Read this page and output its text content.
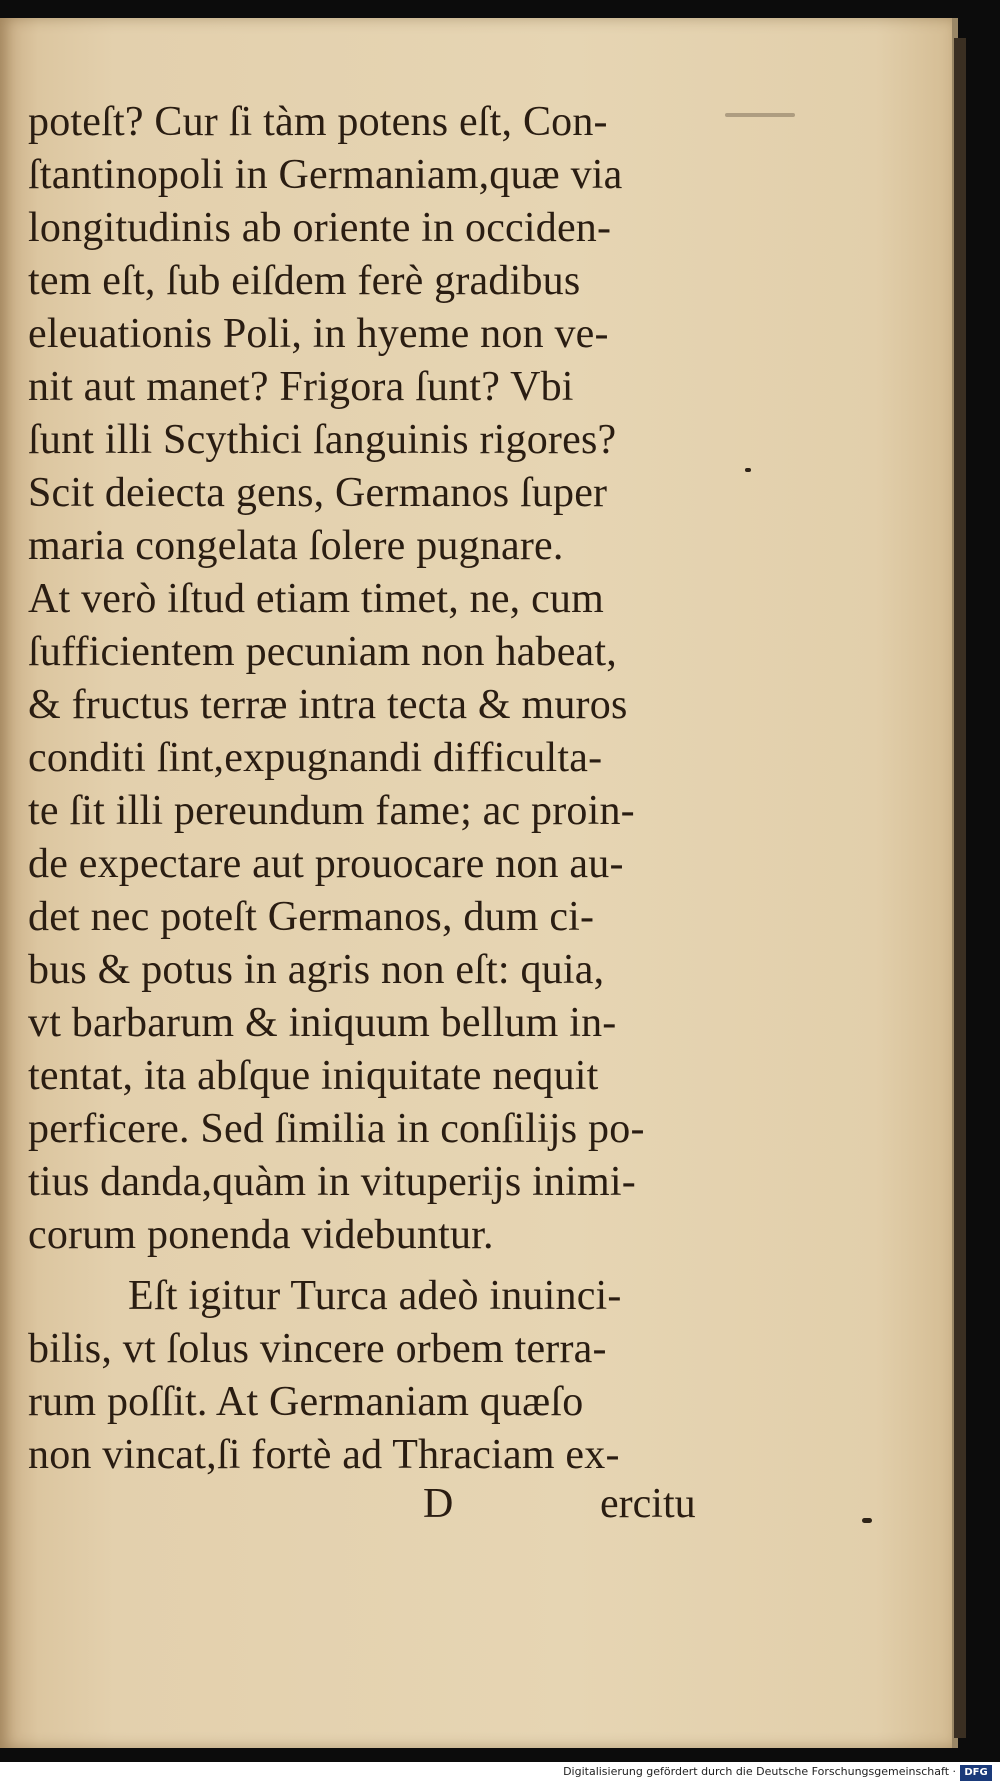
poteſt? Cur ſi tàm potens eſt, Con-
ſtantinopoli in Germaniam,quæ via
longitudinis ab oriente in occiden-
tem eſt, ſub eiſdem ferè gradibus
eleuationis Poli, in hyeme non ve-
nit aut manet? Frigora ſunt? Vbi
ſunt illi Scythici ſanguinis rigores?
Scit deiecta gens, Germanos ſuper
maria congelata ſolere pugnare.
At verò iſtud etiam timet, ne, cum
ſufficientem pecuniam non habeat,
& fructus terræ intra tecta & muros
conditi ſint,expugnandi difficulta-
te ſit illi pereundum fame; ac proin-
de expectare aut prouocare non au-
det nec poteſt Germanos, dum ci-
bus & potus in agris non eſt: quia,
vt barbarum & iniquum bellum in-
tentat, ita abſque iniquitate nequit
perficere. Sed ſimilia in conſilijs po-
tius danda,quàm in vituperijs inimi-
corum ponenda videbuntur.
Eſt igitur Turca adeò inuinci-
bilis, vt ſolus vincere orbem terra-
rum poſſit. At Germaniam quæſo
non vincat,ſi fortè ad Thraciam ex-
D	ercitu
Digitalisierung gefördert durch die Deutsche Forschungsgemeinschaft · DFG
